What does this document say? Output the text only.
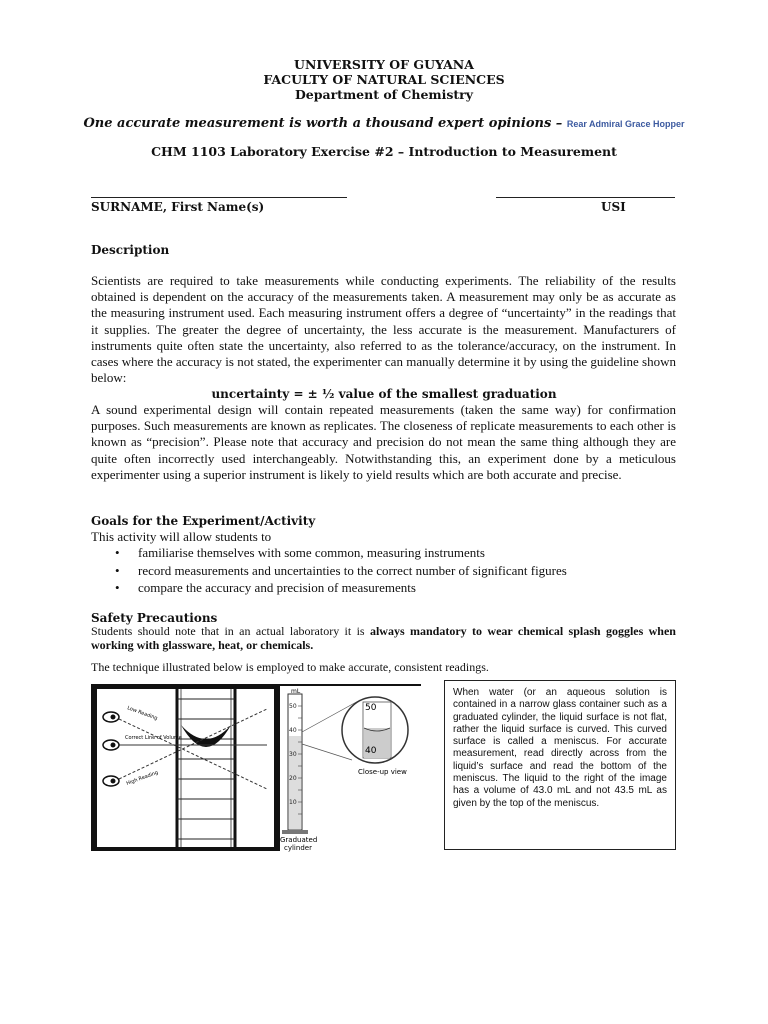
UNIVERSITY OF GUYANA
FACULTY OF NATURAL SCIENCES
Department of Chemistry
One accurate measurement is worth a thousand expert opinions – Rear Admiral Grace Hopper
CHM 1103 Laboratory Exercise #2 – Introduction to Measurement
SURNAME, First Name(s)	USI
Description
Scientists are required to take measurements while conducting experiments. The reliability of the results obtained is dependent on the accuracy of the measurements taken. A measurement may only be as accurate as the measuring instrument used. Each measuring instrument offers a degree of “uncertainty” in the readings that it supplies. The greater the degree of uncertainty, the less accurate is the measurement. Manufacturers of instruments quite often state the uncertainty, also referred to as the tolerance/accuracy, on the instrument. In cases where the accuracy is not stated, the experimenter can manually determine it by using the guideline shown below:
uncertainty = ± ½ value of the smallest graduation
A sound experimental design will contain repeated measurements (taken the same way) for confirmation purposes. Such measurements are known as replicates. The closeness of replicate measurements to each other is known as “precision”. Please note that accuracy and precision do not mean the same thing although they are quite often incorrectly used interchangeably. Notwithstanding this, an experiment done by a meticulous experimenter using a superior instrument is likely to yield results which are both accurate and precise.
Goals for the Experiment/Activity
This activity will allow students to
• familiarise themselves with some common, measuring instruments
• record measurements and uncertainties to the correct number of significant figures
• compare the accuracy and precision of measurements
Safety Precautions
Students should note that in an actual laboratory it is always mandatory to wear chemical splash goggles when working with glassware, heat, or chemicals.
The technique illustrated below is employed to make accurate, consistent readings.
Low Reading
Correct Line of Volume
High Reading
mL
50
40
30
20
10
50
40
Close-up view
Graduated
cylinder
When water (or an aqueous solution is contained in a narrow glass container such as a graduated cylinder, the liquid surface is not flat, rather the liquid surface is curved. This curved surface is called a meniscus. For accurate measurement, read directly across from the liquid’s surface and read the bottom of the meniscus. The liquid to the right of the image has a volume of 43.0 mL and not 43.5 mL as given by the top of the meniscus.
